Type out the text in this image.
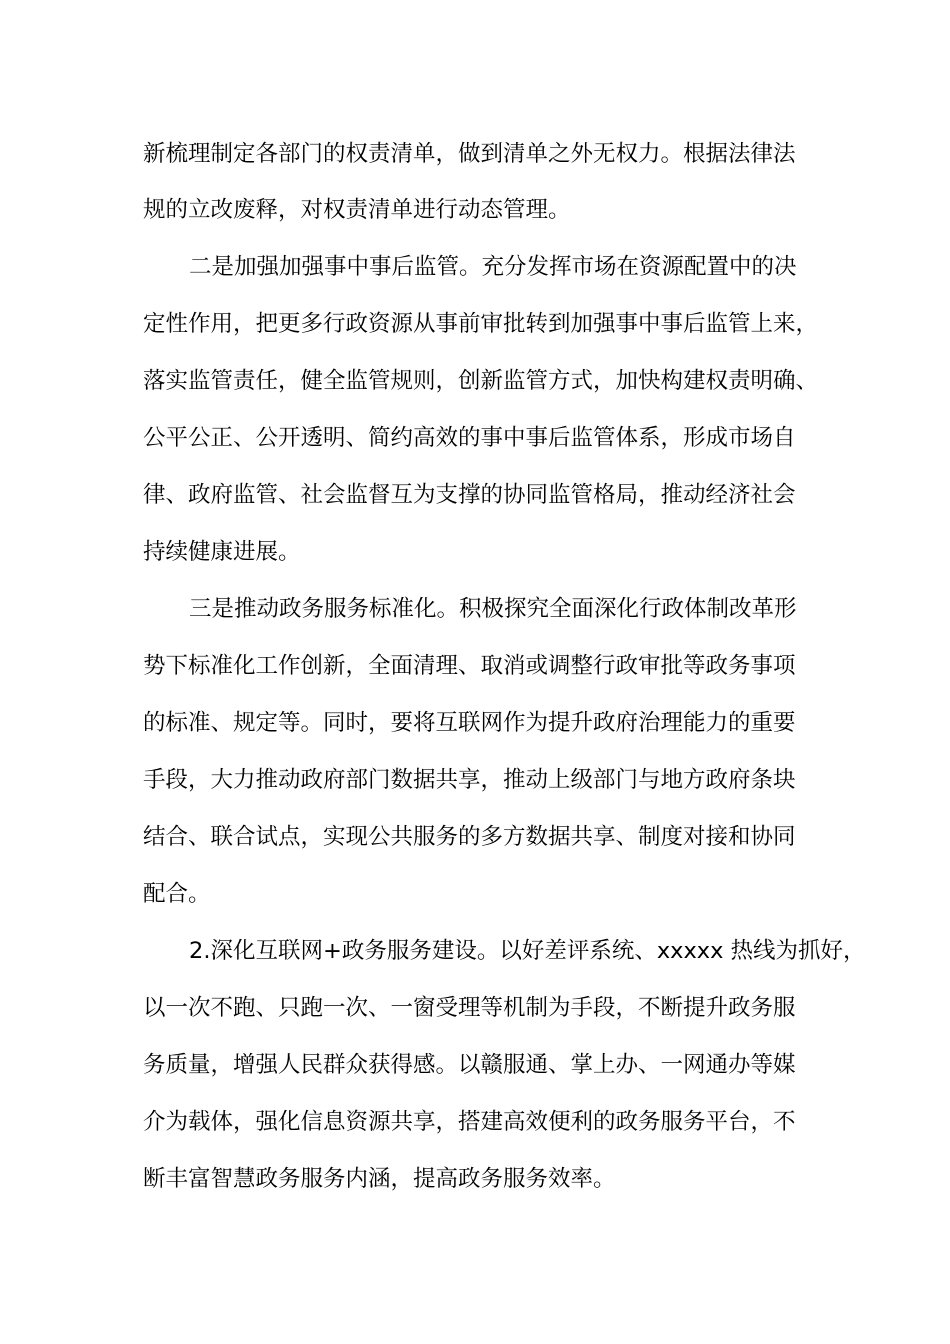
新梳理制定各部门的权责清单，做到清单之外无权力。根据法律法
规的立改废释，对权责清单进行动态管理。
二是加强加强事中事后监管。充分发挥市场在资源配置中的决
定性作用，把更多行政资源从事前审批转到加强事中事后监管上来，
落实监管责任，健全监管规则，创新监管方式，加快构建权责明确、
公平公正、公开透明、简约高效的事中事后监管体系，形成市场自
律、政府监管、社会监督互为支撑的协同监管格局，推动经济社会
持续健康进展。
三是推动政务服务标准化。积极探究全面深化行政体制改革形
势下标准化工作创新，全面清理、取消或调整行政审批等政务事项
的标准、规定等。同时，要将互联网作为提升政府治理能力的重要
手段，大力推动政府部门数据共享，推动上级部门与地方政府条块
结合、联合试点，实现公共服务的多方数据共享、制度对接和协同
配合。
2.深化互联网+政务服务建设。以好差评系统、xxxxx 热线为抓好，
以一次不跑、只跑一次、一窗受理等机制为手段，不断提升政务服
务质量，增强人民群众获得感。以赣服通、掌上办、一网通办等媒
介为载体，强化信息资源共享，搭建高效便利的政务服务平台，不
断丰富智慧政务服务内涵，提高政务服务效率。
